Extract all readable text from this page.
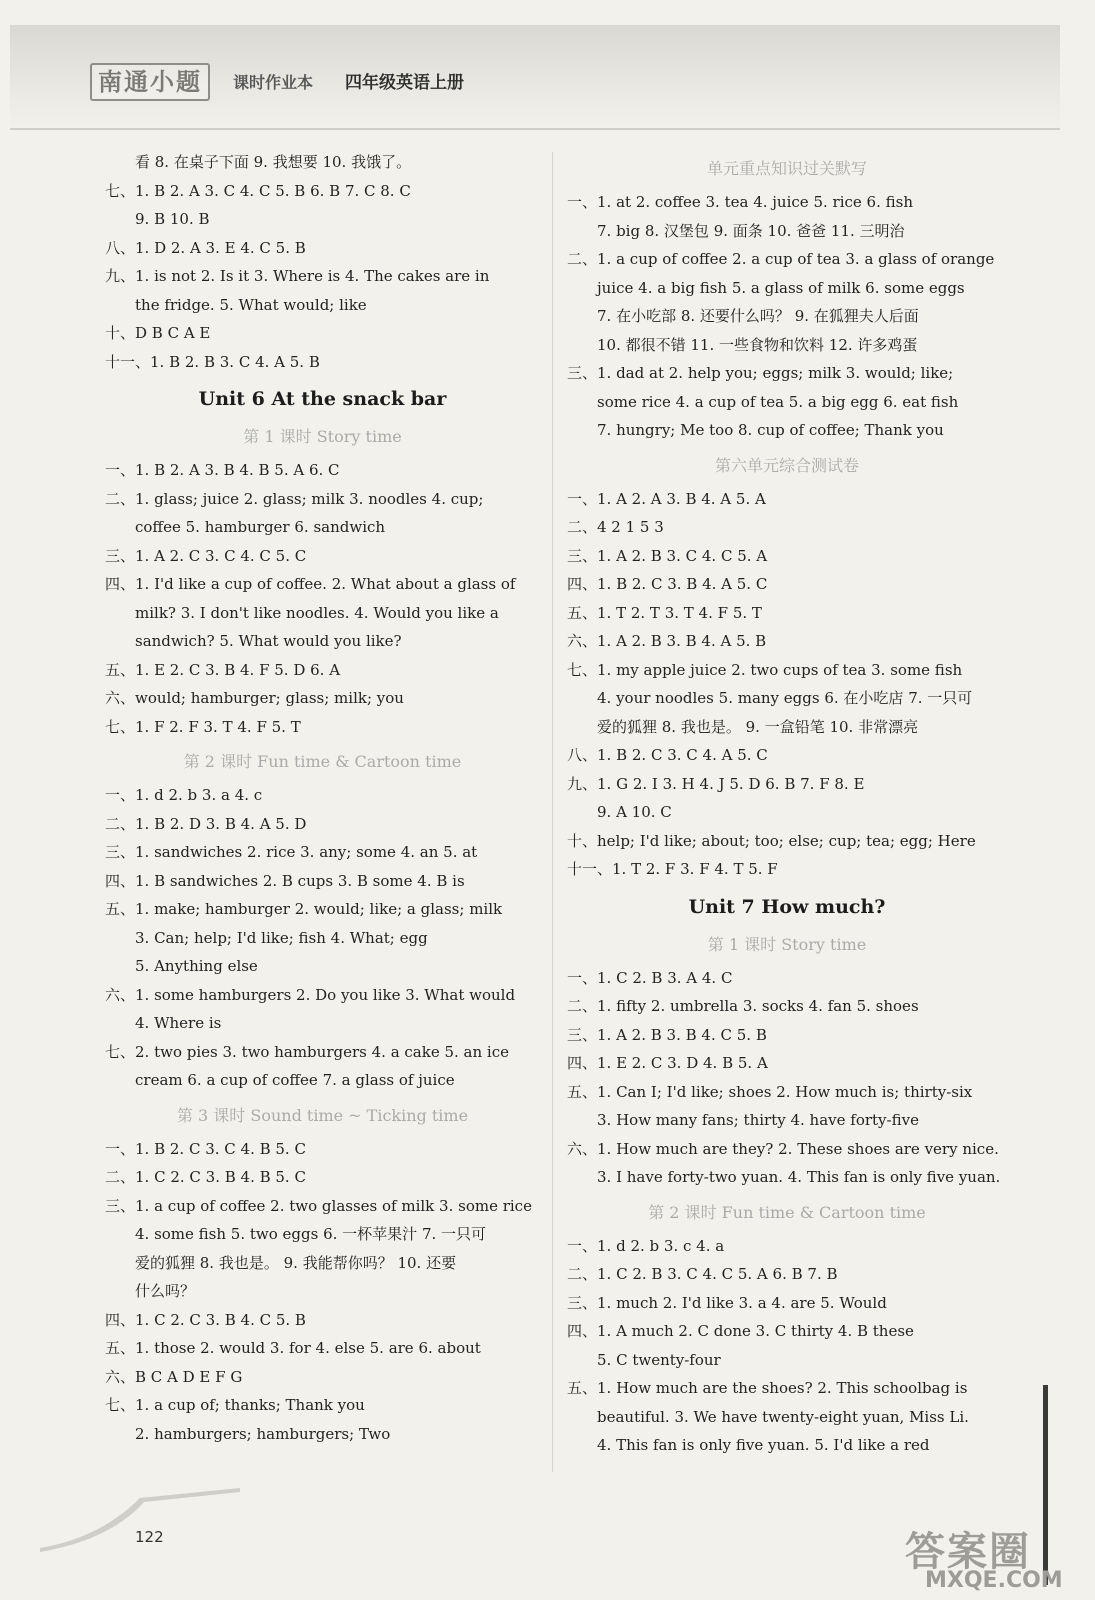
南通小题	课时作业本 四年级英语上册
看 8. 在桌子下面 9. 我想要 10. 我饿了。
七、1. B 2. A 3. C 4. C 5. B 6. B 7. C 8. C
9. B 10. B
八、1. D 2. A 3. E 4. C 5. B
九、1. is not 2. Is it 3. Where is 4. The cakes are in
the fridge. 5. What would; like
十、D B C A E
十一、1. B 2. B 3. C 4. A 5. B
Unit 6 At the snack bar
第 1 课时 Story time
一、1. B 2. A 3. B 4. B 5. A 6. C
二、1. glass; juice 2. glass; milk 3. noodles 4. cup;
coffee 5. hamburger 6. sandwich
三、1. A 2. C 3. C 4. C 5. C
四、1. I'd like a cup of coffee. 2. What about a glass of
milk? 3. I don't like noodles. 4. Would you like a
sandwich? 5. What would you like?
五、1. E 2. C 3. B 4. F 5. D 6. A
六、would; hamburger; glass; milk; you
七、1. F 2. F 3. T 4. F 5. T
第 2 课时 Fun time & Cartoon time
一、1. d 2. b 3. a 4. c
二、1. B 2. D 3. B 4. A 5. D
三、1. sandwiches 2. rice 3. any; some 4. an 5. at
四、1. B sandwiches 2. B cups 3. B some 4. B is
五、1. make; hamburger 2. would; like; a glass; milk
3. Can; help; I'd like; fish 4. What; egg
5. Anything else
六、1. some hamburgers 2. Do you like 3. What would
4. Where is
七、2. two pies 3. two hamburgers 4. a cake 5. an ice
cream 6. a cup of coffee 7. a glass of juice
第 3 课时 Sound time ~ Ticking time
一、1. B 2. C 3. C 4. B 5. C
二、1. C 2. C 3. B 4. B 5. C
三、1. a cup of coffee 2. two glasses of milk 3. some rice
4. some fish 5. two eggs 6. 一杯苹果汁 7. 一只可
爱的狐狸 8. 我也是。 9. 我能帮你吗？ 10. 还要
什么吗？
四、1. C 2. C 3. B 4. C 5. B
五、1. those 2. would 3. for 4. else 5. are 6. about
六、B C A D E F G
七、1. a cup of; thanks; Thank you
2. hamburgers; hamburgers; Two
单元重点知识过关默写
一、1. at 2. coffee 3. tea 4. juice 5. rice 6. fish
7. big 8. 汉堡包 9. 面条 10. 爸爸 11. 三明治
二、1. a cup of coffee 2. a cup of tea 3. a glass of orange
juice 4. a big fish 5. a glass of milk 6. some eggs
7. 在小吃部 8. 还要什么吗？ 9. 在狐狸夫人后面
10. 都很不错 11. 一些食物和饮料 12. 许多鸡蛋
三、1. dad at 2. help you; eggs; milk 3. would; like;
some rice 4. a cup of tea 5. a big egg 6. eat fish
7. hungry; Me too 8. cup of coffee; Thank you
第六单元综合测试卷
一、1. A 2. A 3. B 4. A 5. A
二、4 2 1 5 3
三、1. A 2. B 3. C 4. C 5. A
四、1. B 2. C 3. B 4. A 5. C
五、1. T 2. T 3. T 4. F 5. T
六、1. A 2. B 3. B 4. A 5. B
七、1. my apple juice 2. two cups of tea 3. some fish
4. your noodles 5. many eggs 6. 在小吃店 7. 一只可
爱的狐狸 8. 我也是。 9. 一盒铅笔 10. 非常漂亮
八、1. B 2. C 3. C 4. A 5. C
九、1. G 2. I 3. H 4. J 5. D 6. B 7. F 8. E
9. A 10. C
十、help; I'd like; about; too; else; cup; tea; egg; Here
十一、1. T 2. F 3. F 4. T 5. F
Unit 7 How much?
第 1 课时 Story time
一、1. C 2. B 3. A 4. C
二、1. fifty 2. umbrella 3. socks 4. fan 5. shoes
三、1. A 2. B 3. B 4. C 5. B
四、1. E 2. C 3. D 4. B 5. A
五、1. Can I; I'd like; shoes 2. How much is; thirty-six
3. How many fans; thirty 4. have forty-five
六、1. How much are they? 2. These shoes are very nice.
3. I have forty-two yuan. 4. This fan is only five yuan.
第 2 课时 Fun time & Cartoon time
一、1. d 2. b 3. c 4. a
二、1. C 2. B 3. C 4. C 5. A 6. B 7. B
三、1. much 2. I'd like 3. a 4. are 5. Would
四、1. A much 2. C done 3. C thirty 4. B these
5. C twenty-four
五、1. How much are the shoes? 2. This schoolbag is
beautiful. 3. We have twenty-eight yuan, Miss Li.
4. This fan is only five yuan. 5. I'd like a red
122	答案圈
MXQE.COM
